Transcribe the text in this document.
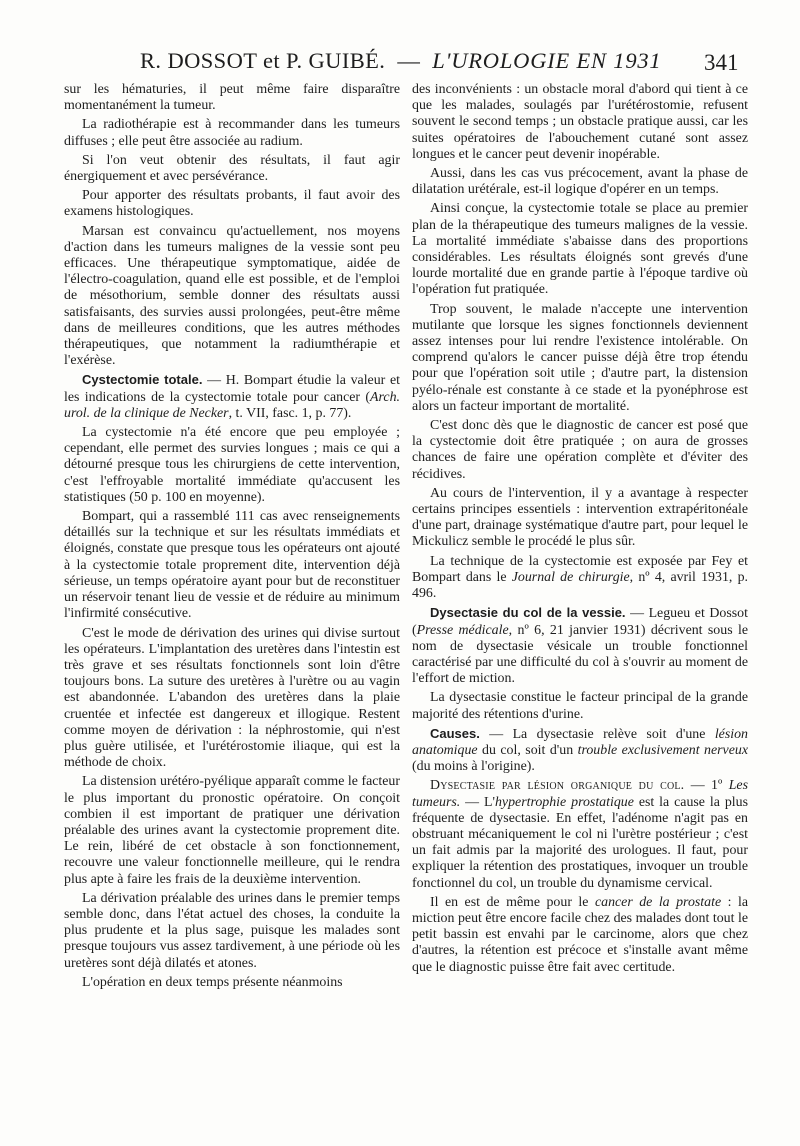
R. DOSSOT et P. GUIBÉ. — L'UROLOGIE EN 1931 341

sur les hématuries, il peut même faire disparaître momentanément la tumeur.

La radiothérapie est à recommander dans les tumeurs diffuses ; elle peut être associée au radium.

Si l'on veut obtenir des résultats, il faut agir énergiquement et avec persévérance.

Pour apporter des résultats probants, il faut avoir des examens histologiques.

Marsan est convaincu qu'actuellement, nos moyens d'action dans les tumeurs malignes de la vessie sont peu efficaces. Une thérapeutique symptomatique, aidée de l'électro-coagulation, quand elle est possible, et de l'emploi de mésothorium, semble donner des résultats aussi satisfaisants, des survies aussi prolongées, peut-être même dans de meilleures conditions, que les autres méthodes thérapeutiques, que notamment la radiumthérapie et l'exérèse.

Cystectomie totale. — H. Bompart étudie la valeur et les indications de la cystectomie totale pour cancer (Arch. urol. de la clinique de Necker, t. VII, fasc. 1, p. 77).

La cystectomie n'a été encore que peu employée ; cependant, elle permet des survies longues ; mais ce qui a détourné presque tous les chirurgiens de cette intervention, c'est l'effroyable mortalité immédiate qu'accusent les statistiques (50 p. 100 en moyenne).

Bompart, qui a rassemblé 111 cas avec renseignements détaillés sur la technique et sur les résultats immédiats et éloignés, constate que presque tous les opérateurs ont ajouté à la cystectomie totale proprement dite, intervention déjà sérieuse, un temps opératoire ayant pour but de reconstituer un réservoir tenant lieu de vessie et de réduire au minimum l'infirmité consécutive.

C'est le mode de dérivation des urines qui divise surtout les opérateurs. L'implantation des uretères dans l'intestin est très grave et ses résultats fonctionnels sont loin d'être toujours bons. La suture des uretères à l'urètre ou au vagin est abandonnée. L'abandon des uretères dans la plaie cruentée et infectée est dangereux et illogique. Restent comme moyen de dérivation : la néphrostomie, qui n'est plus guère utilisée, et l'urétérostomie iliaque, qui est la méthode de choix.

La distension urétéro-pyélique apparaît comme le facteur le plus important du pronostic opératoire. On conçoit combien il est important de pratiquer une dérivation préalable des urines avant la cystectomie proprement dite. Le rein, libéré de cet obstacle à son fonctionnement, recouvre une valeur fonctionnelle meilleure, qui le rendra plus apte à faire les frais de la deuxième intervention.

La dérivation préalable des urines dans le premier temps semble donc, dans l'état actuel des choses, la conduite la plus prudente et la plus sage, puisque les malades sont presque toujours vus assez tardivement, à une période où les uretères sont déjà dilatés et atones.

L'opération en deux temps présente néanmoins

des inconvénients : un obstacle moral d'abord qui tient à ce que les malades, soulagés par l'urétérostomie, refusent souvent le second temps ; un obstacle pratique aussi, car les suites opératoires de l'abouchement cutané sont assez longues et le cancer peut devenir inopérable.

Aussi, dans les cas vus précocement, avant la phase de dilatation urétérale, est-il logique d'opérer en un temps.

Ainsi conçue, la cystectomie totale se place au premier plan de la thérapeutique des tumeurs malignes de la vessie. La mortalité immédiate s'abaisse dans des proportions considérables. Les résultats éloignés sont grevés d'une lourde mortalité due en grande partie à l'époque tardive où l'opération fut pratiquée.

Trop souvent, le malade n'accepte une intervention mutilante que lorsque les signes fonctionnels deviennent assez intenses pour lui rendre l'existence intolérable. On comprend qu'alors le cancer puisse déjà être trop étendu pour que l'opération soit utile ; d'autre part, la distension pyélo-rénale est constante à ce stade et la pyonéphrose est alors un facteur important de mortalité.

C'est donc dès que le diagnostic de cancer est posé que la cystectomie doit être pratiquée ; on aura de grosses chances de faire une opération complète et d'éviter des récidives.

Au cours de l'intervention, il y a avantage à respecter certains principes essentiels : intervention extrapéritonéale d'une part, drainage systématique d'autre part, pour lequel le Mickulicz semble le procédé le plus sûr.

La technique de la cystectomie est exposée par Fey et Bompart dans le Journal de chirurgie, nº 4, avril 1931, p. 496.

Dysectasie du col de la vessie. — Legueu et Dossot (Presse médicale, nº 6, 21 janvier 1931) décrivent sous le nom de dysectasie vésicale un trouble fonctionnel caractérisé par une difficulté du col à s'ouvrir au moment de l'effort de miction.

La dysectasie constitue le facteur principal de la grande majorité des rétentions d'urine.

Causes. — La dysectasie relève soit d'une lésion anatomique du col, soit d'un trouble exclusivement nerveux (du moins à l'origine).

Dysectasie par lésion organique du col. — 1º Les tumeurs. — L'hypertrophie prostatique est la cause la plus fréquente de dysectasie. En effet, l'adénome n'agit pas en obstruant mécaniquement le col ni l'urètre postérieur ; c'est un fait admis par la majorité des urologues. Il faut, pour expliquer la rétention des prostatiques, invoquer un trouble fonctionnel du col, un trouble du dynamisme cervical.

Il en est de même pour le cancer de la prostate : la miction peut être encore facile chez des malades dont tout le petit bassin est envahi par le carcinome, alors que chez d'autres, la rétention est précoce et s'installe avant même que le diagnostic puisse être fait avec certitude.
